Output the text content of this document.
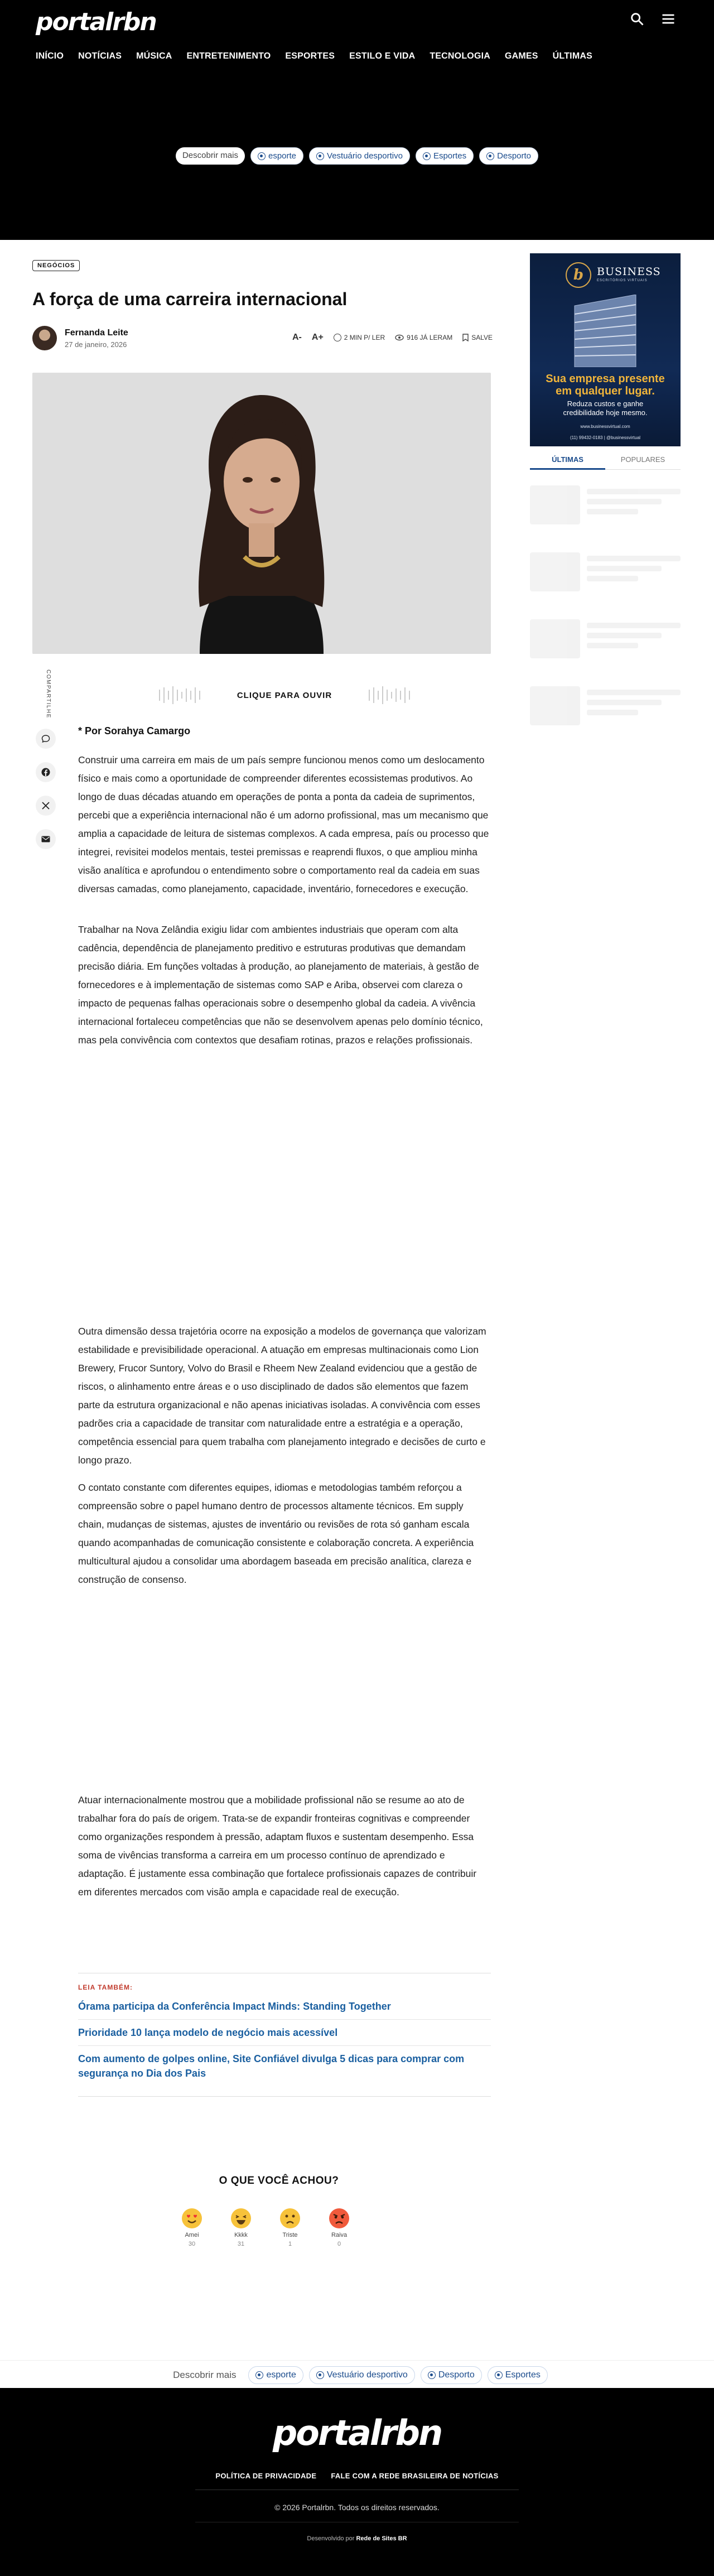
portalrbn
INÍCIO NOTÍCIAS MÚSICA ENTRETENIMENTO ESPORTES ESTILO E VIDA TECNOLOGIA GAMES ÚLTIMAS
Descobrir mais	esporte	Vestuário desportivo	Esportes	Desporto
NEGÓCIOS
A força de uma carreira internacional
Fernanda Leite
27 de janeiro, 2026
A- A+	2 MIN P/ LER	916 JÁ LERAM	SALVE
CLIQUE PARA OUVIR
COMPARTILHE

* Por Sorahya Camargo

Construir uma carreira em mais de um país sempre funcionou menos como um deslocamento físico e mais como a oportunidade de compreender diferentes ecossistemas produtivos. Ao longo de duas décadas atuando em operações de ponta a ponta da cadeia de suprimentos, percebi que a experiência internacional não é um adorno profissional, mas um mecanismo que amplia a capacidade de leitura de sistemas complexos. A cada empresa, país ou processo que integrei, revisitei modelos mentais, testei premissas e reaprendi fluxos, o que ampliou minha visão analítica e aprofundou o entendimento sobre o comportamento real da cadeia em suas diversas camadas, como planejamento, capacidade, inventário, fornecedores e execução.

Trabalhar na Nova Zelândia exigiu lidar com ambientes industriais que operam com alta cadência, dependência de planejamento preditivo e estruturas produtivas que demandam precisão diária. Em funções voltadas à produção, ao planejamento de materiais, à gestão de fornecedores e à implementação de sistemas como SAP e Ariba, observei com clareza o impacto de pequenas falhas operacionais sobre o desempenho global da cadeia. A vivência internacional fortaleceu competências que não se desenvolvem apenas pelo domínio técnico, mas pela convivência com contextos que desafiam rotinas, prazos e relações profissionais.

Outra dimensão dessa trajetória ocorre na exposição a modelos de governança que valorizam estabilidade e previsibilidade operacional. A atuação em empresas multinacionais como Lion Brewery, Frucor Suntory, Volvo do Brasil e Rheem New Zealand evidenciou que a gestão de riscos, o alinhamento entre áreas e o uso disciplinado de dados são elementos que fazem parte da estrutura organizacional e não apenas iniciativas isoladas. A convivência com esses padrões cria a capacidade de transitar com naturalidade entre a estratégia e a operação, competência essencial para quem trabalha com planejamento integrado e decisões de curto e longo prazo.

O contato constante com diferentes equipes, idiomas e metodologias também reforçou a compreensão sobre o papel humano dentro de processos altamente técnicos. Em supply chain, mudanças de sistemas, ajustes de inventário ou revisões de rota só ganham escala quando acompanhadas de comunicação consistente e colaboração concreta. A experiência multicultural ajudou a consolidar uma abordagem baseada em precisão analítica, clareza e construção de consenso.

Atuar internacionalmente mostrou que a mobilidade profissional não se resume ao ato de trabalhar fora do país de origem. Trata-se de expandir fronteiras cognitivas e compreender como organizações respondem à pressão, adaptam fluxos e sustentam desempenho. Essa soma de vivências transforma a carreira em um processo contínuo de aprendizado e adaptação. É justamente essa combinação que fortalece profissionais capazes de contribuir em diferentes mercados com visão ampla e capacidade real de execução.

LEIA TAMBÉM:
Órama participa da Conferência Impact Minds: Standing Together
Prioridade 10 lança modelo de negócio mais acessível
Com aumento de golpes online, Site Confiável divulga 5 dicas para comprar com segurança no Dia dos Pais
O QUE VOCÊ ACHOU?
Amei
30
Kkkk
31
Triste
1
Raiva
0
Descobrir mais	esporte	Vestuário desportivo	Desporto	Esportes
portalrbn
POLÍTICA DE PRIVACIDADE FALE COM A REDE BRASILEIRA DE NOTÍCIAS
© 2026 Portalrbn. Todos os direitos reservados.
Desenvolvido por Rede de Sites BR
b	BUSINESS
ESCRITÓRIOS VIRTUAIS
Sua empresa presente
em qualquer lugar.
Reduza custos e ganhe
credibilidade hoje mesmo.
www.businessvirtual.com
(11) 99432-0183 | @businessvirtual
ÚLTIMAS	POPULARES
